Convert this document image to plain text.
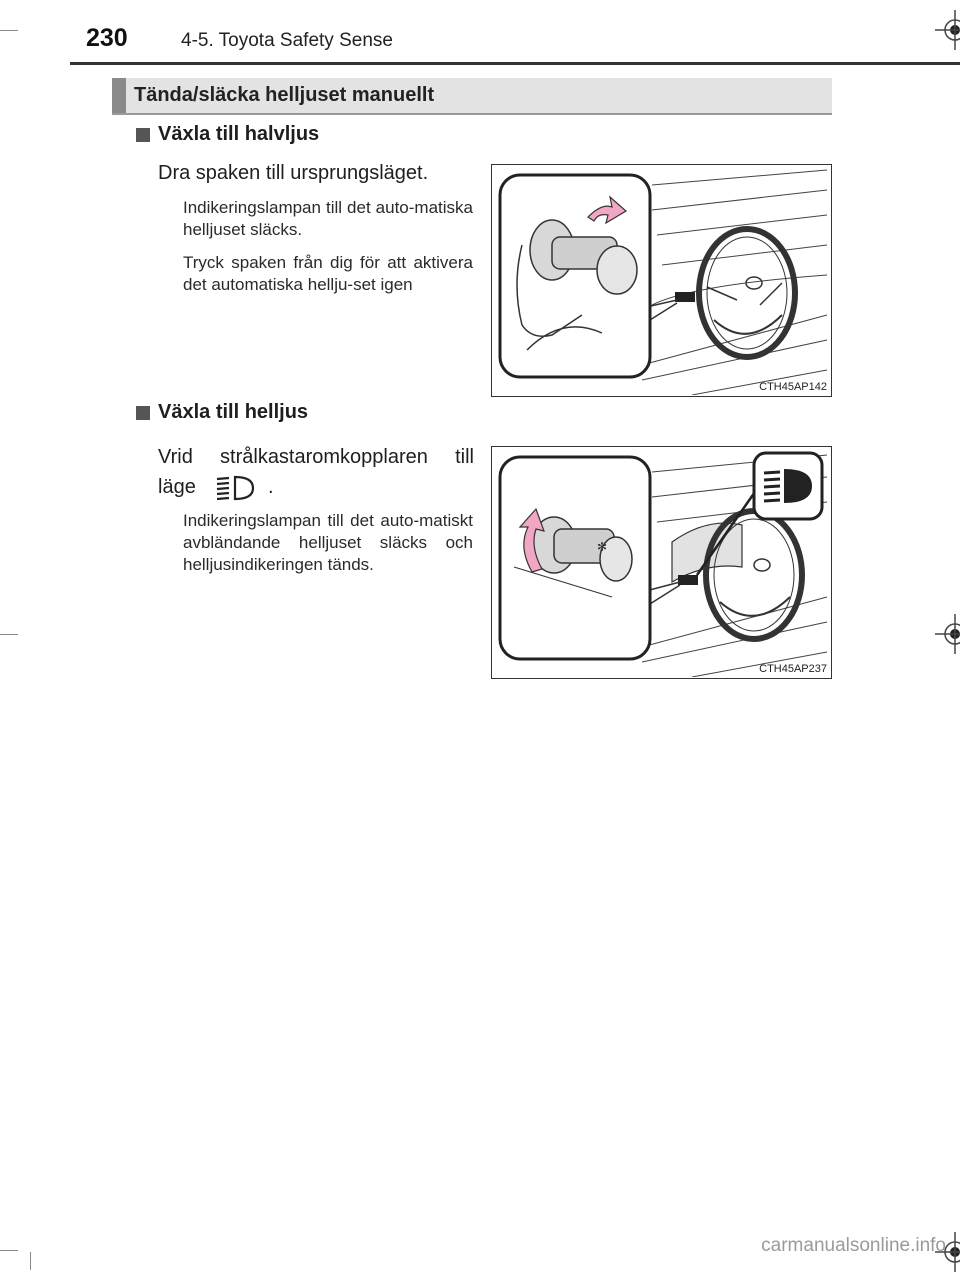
230	4-5. Toyota Safety Sense
Tända/släcka helljuset manuellt
Växla till halvljus
Dra spaken till ursprungsläget.
Indikeringslampan till det auto-matiska helljuset släcks.
Tryck spaken från dig för att aktivera det automatiska hellju-set igen
CTH45AP142
Växla till helljus
Vrid strålkastaromkopplaren till
läge	.
Indikeringslampan till det auto-matiskt avbländande helljuset släcks och helljusindikeringen tänds.
✻
CTH45AP237
carmanualsonline.info
